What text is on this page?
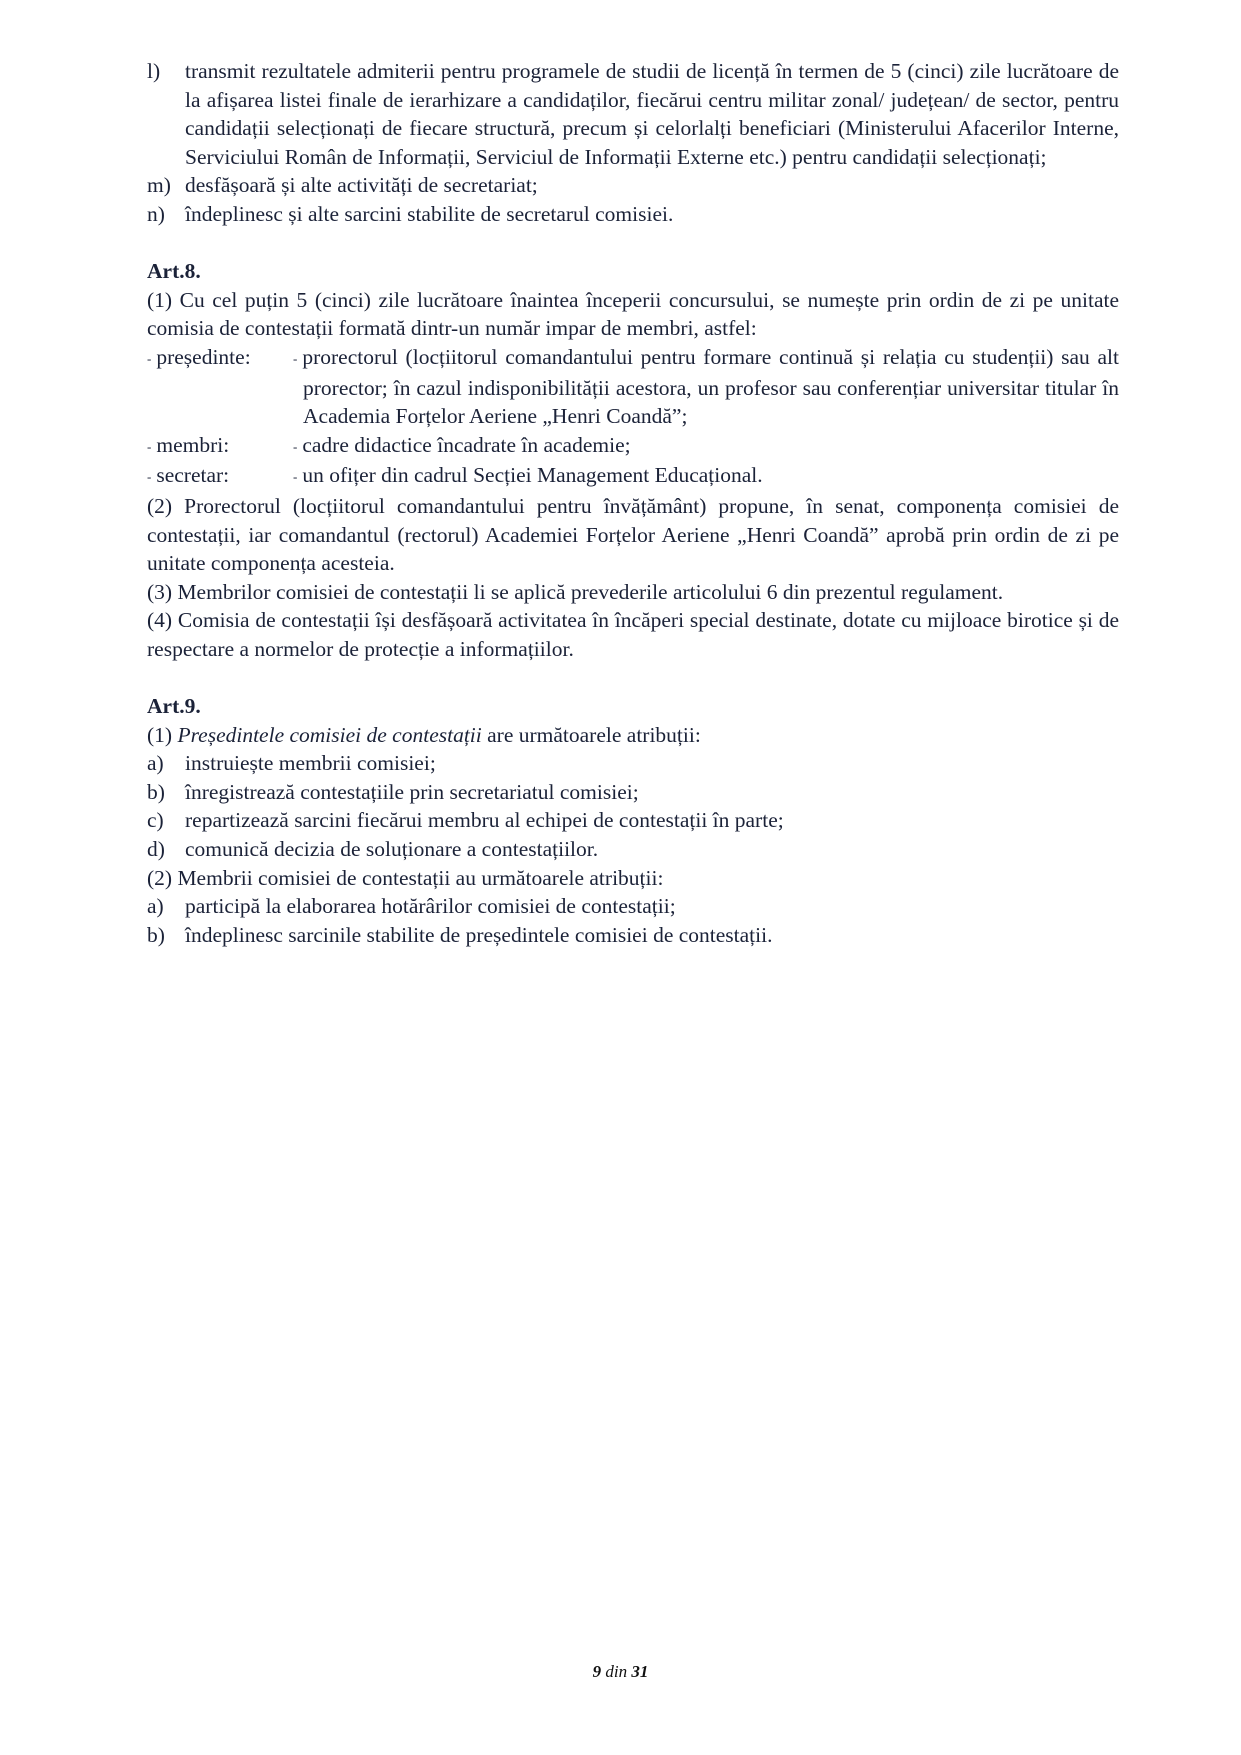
l)	transmit rezultatele admiterii pentru programele de studii de licență în termen de 5 (cinci) zile lucrătoare de la afișarea listei finale de ierarhizare a candidaților, fiecărui centru militar zonal/ județean/ de sector, pentru candidații selecționați de fiecare structură, precum și celorlalți beneficiari (Ministerului Afacerilor Interne, Serviciului Român de Informații, Serviciul de Informații Externe etc.) pentru candidații selecționați;
m) desfășoară și alte activități de secretariat;
n) îndeplinesc și alte sarcini stabilite de secretarul comisiei.
Art.8.
(1) Cu cel puțin 5 (cinci) zile lucrătoare înaintea începerii concursului, se numește prin ordin de zi pe unitate comisia de contestații formată dintr-un număr impar de membri, astfel:
- președinte:	- prorectorul (locțiitorul comandantului pentru formare continuă și relația cu studenții) sau alt prorector; în cazul indisponibilității acestora, un profesor sau conferențiar universitar titular în Academia Forțelor Aeriene „Henri Coandă”;
- membri:	- cadre didactice încadrate în academie;
- secretar:	- un ofițer din cadrul Secției Management Educațional.
(2) Prorectorul (locțiitorul comandantului pentru învățământ) propune, în senat, componența comisiei de contestații, iar comandantul (rectorul) Academiei Forțelor Aeriene „Henri Coandă” aprobă prin ordin de zi pe unitate componența acesteia.
(3) Membrilor comisiei de contestații li se aplică prevederile articolului 6 din prezentul regulament.
(4) Comisia de contestații își desfășoară activitatea în încăperi special destinate, dotate cu mijloace birotice și de respectare a normelor de protecție a informațiilor.
Art.9.
(1) Președintele comisiei de contestații are următoarele atribuții:
a) instruiește membrii comisiei;
b) înregistrează contestațiile prin secretariatul comisiei;
c) repartizează sarcini fiecărui membru al echipei de contestații în parte;
d) comunică decizia de soluționare a contestațiilor.
(2) Membrii comisiei de contestații au următoarele atribuții:
a) participă la elaborarea hotărârilor comisiei de contestații;
b) îndeplinesc sarcinile stabilite de președintele comisiei de contestații.
9 din 31
